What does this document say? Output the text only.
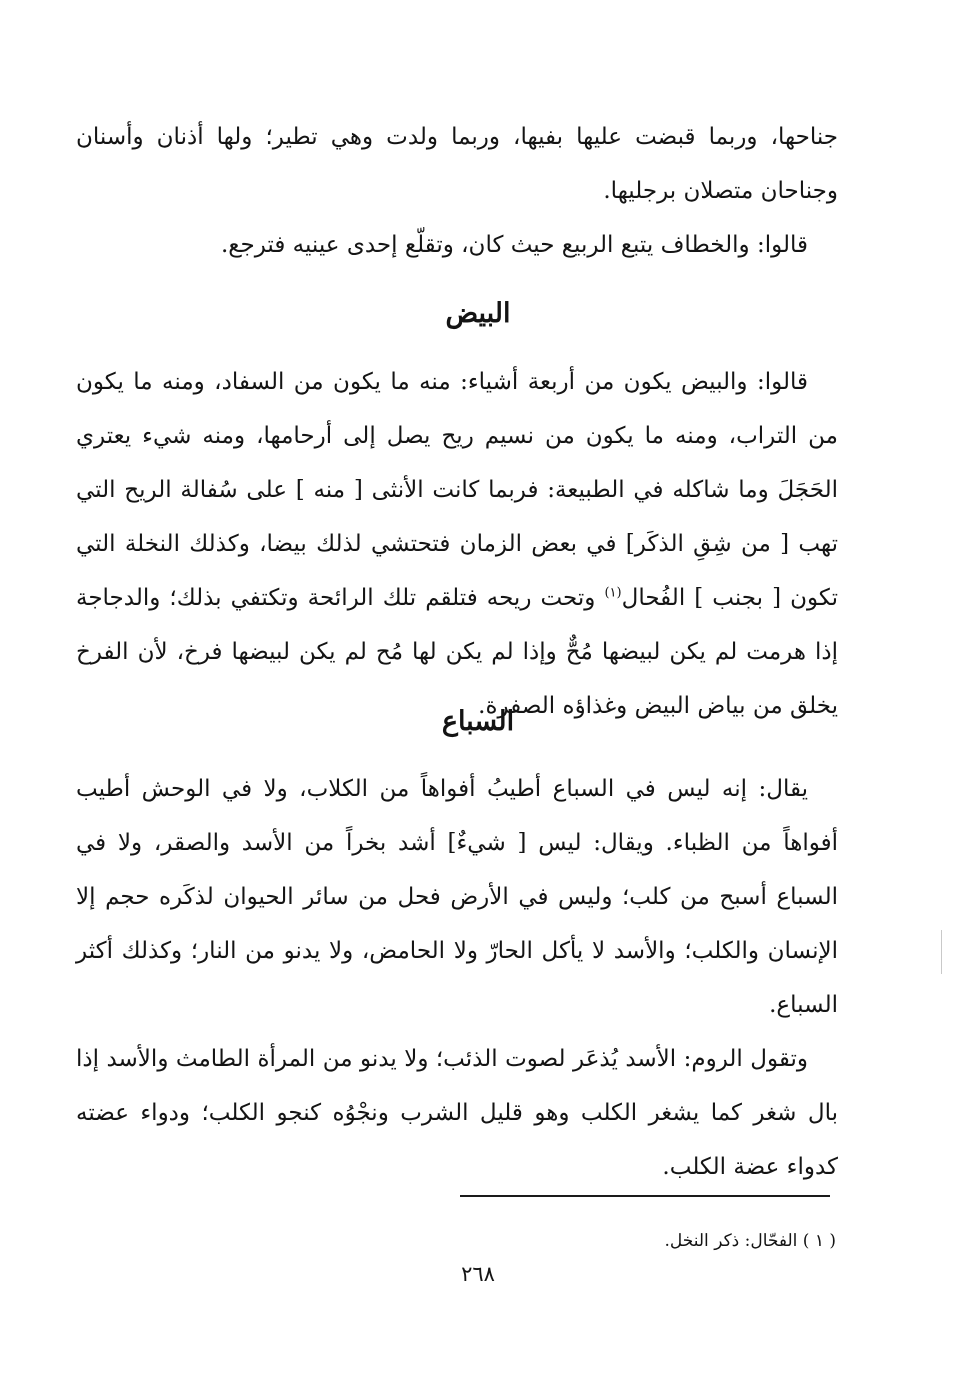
جناحها، وربما قبضت عليها بفيها، وربما ولدت وهي تطير؛ ولها أذنان وأسنان وجناحان متصلان برجليها.

قالوا: والخطاف يتبع الربيع حيث كان، وتقلّع إحدى عينيه فترجع.

البيض

قالوا: والبيض يكون من أربعة أشياء: منه ما يكون من السفاد، ومنه ما يكون من التراب، ومنه ما يكون من نسيم ريح يصل إلى أرحامها، ومنه شيء يعتري الحَجَلَ وما شاكله في الطبيعة: فربما كانت الأنثى [ منه ] على سُفالة الريح التي تهب [ من شِقِ الذكَر] في بعض الزمان فتحتشي لذلك بيضا، وكذلك النخلة التي تكون [ بجنب ] الفُحال$^{(١)}$ وتحت ريحه فتلقم تلك الرائحة وتكتفي بذلك؛ والدجاجة إذا هرمت لم يكن لبيضها مُحٌّ وإذا لم يكن لها مُح لم يكن لبيضها فرخ، لأن الفرخ يخلق من بياض البيض وغذاؤه الصفرة.

السباع

يقال: إنه ليس في السباع أطيبُ أفواهاً من الكلاب، ولا في الوحش أطيب أفواهاً من الظباء. ويقال: ليس [ شيءٌ] أشد بخراً من الأسد والصقر، ولا في السباع أسبح من كلب؛ وليس في الأرض فحل من سائر الحيوان لذكَره حجم إلا الإنسان والكلب؛ والأسد لا يأكل الحارّ ولا الحامض، ولا يدنو من النار؛ وكذلك أكثر السباع.

وتقول الروم: الأسد يُذعَر لصوت الذئب؛ ولا يدنو من المرأة الطامث والأسد إذا بال شغر كما يشغر الكلب وهو قليل الشرب ونجْوُه كنجو الكلب؛ ودواء عضته كدواء عضة الكلب.

( ١ ) الفحّال: ذكر النخل.

٢٦٨
